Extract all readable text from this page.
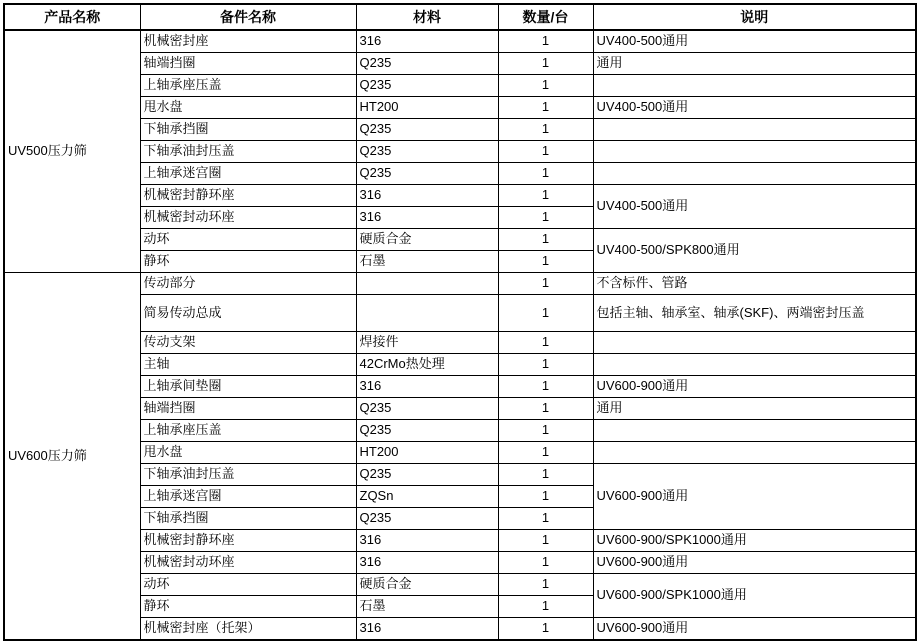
产品名称	备件名称	材料	数量/台	说明
UV500压力筛	机械密封座	316	1	UV400-500通用
	轴端挡圈	Q235	1	通用
	上轴承座压盖	Q235	1	
	甩水盘	HT200	1	UV400-500通用
	下轴承挡圈	Q235	1	
	下轴承油封压盖	Q235	1	
	上轴承迷宫圈	Q235	1	
	机械密封静环座	316	1	UV400-500通用
	机械密封动环座	316	1	
	动环	硬质合金	1	UV400-500/SPK800通用
	静环	石墨	1	
UV600压力筛	传动部分		1	不含标件、管路
	简易传动总成		1	包括主轴、轴承室、轴承(SKF)、两端密封压盖
	传动支架	焊接件	1	
	主轴	42CrMo热处理	1	
	上轴承间垫圈	316	1	UV600-900通用
	轴端挡圈	Q235	1	通用
	上轴承座压盖	Q235	1	
	甩水盘	HT200	1	
	下轴承油封压盖	Q235	1	UV600-900通用
	上轴承迷宫圈	ZQSn	1	
	下轴承挡圈	Q235	1	
	机械密封静环座	316	1	UV600-900/SPK1000通用
	机械密封动环座	316	1	UV600-900通用
	动环	硬质合金	1	UV600-900/SPK1000通用
	静环	石墨	1	
	机械密封座（托架）	316	1	UV600-900通用
